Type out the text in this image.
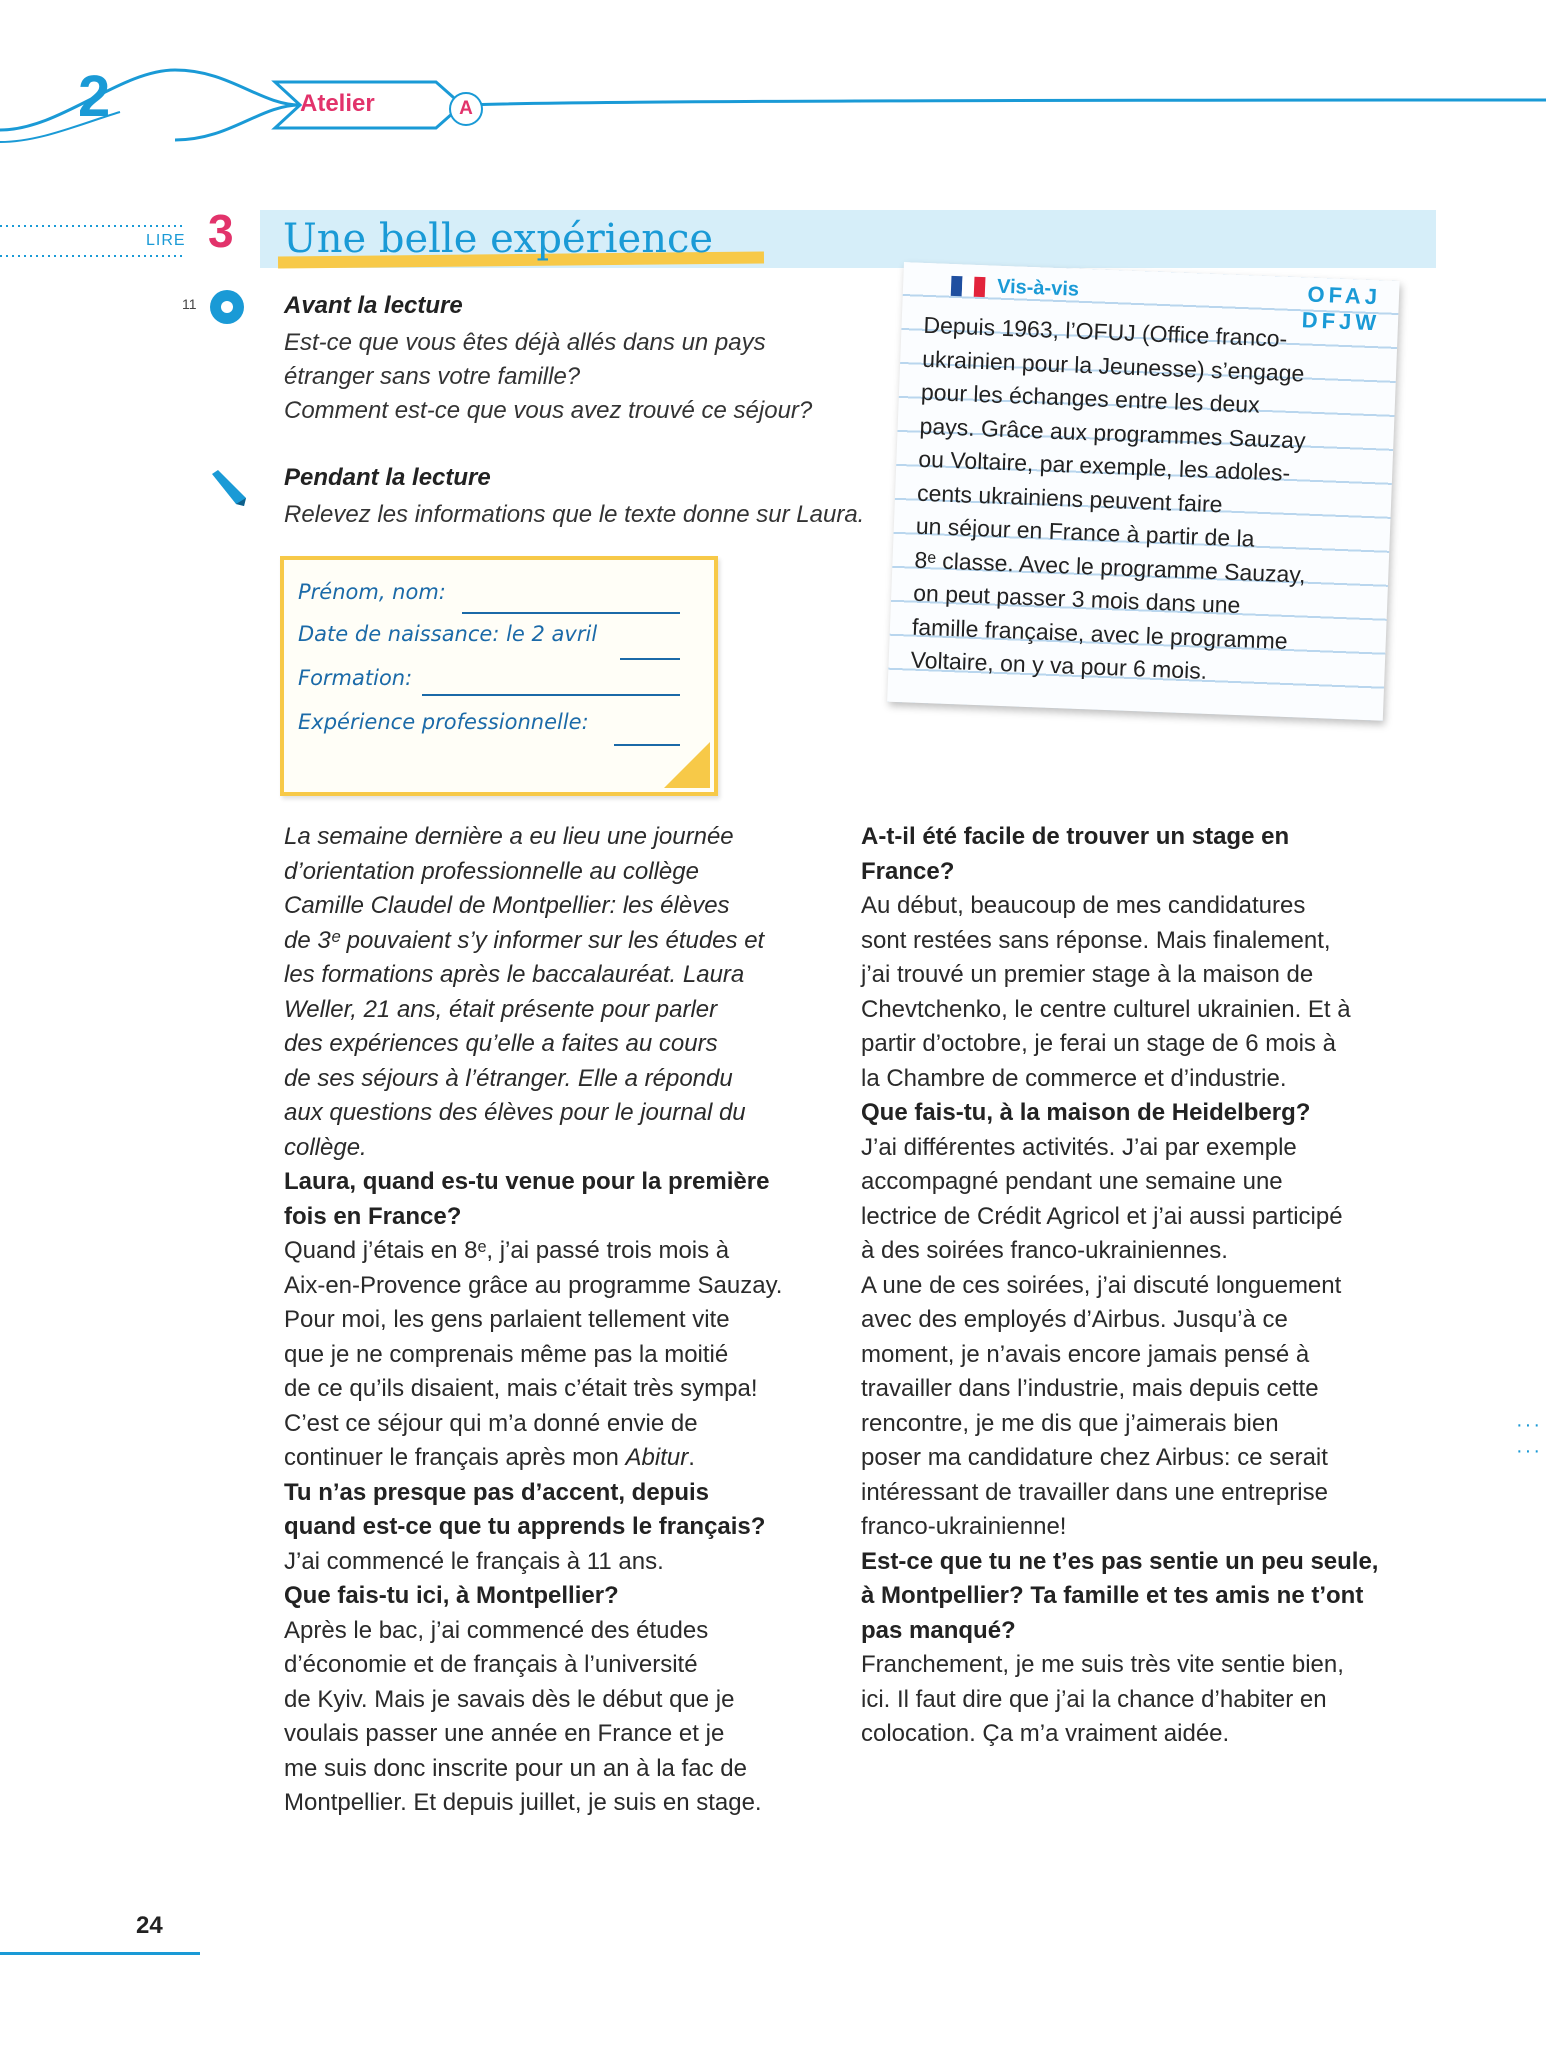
2	Atelier	A
LIRE 3 Une belle expérience
11	Avant la lecture
Est-ce que vous êtes déjà allés dans un pays
étranger sans votre famille?
Comment est-ce que vous avez trouvé ce séjour?
Pendant la lecture
Relevez les informations que le texte donne sur Laura.
Prénom, nom:
Date de naissance: le 2 avril
Formation:
Expérience professionnelle:
Vis-à-vis	OFAJ
DFJW
Depuis 1963, l’OFUJ (Office franco-
ukrainien pour la Jeunesse) s’engage
pour les échanges entre les deux
pays. Grâce aux programmes Sauzay
ou Voltaire, par exemple, les adoles-
cents ukrainiens peuvent faire
un séjour en France à partir de la
8ᵉ classe. Avec le programme Sauzay,
on peut passer 3 mois dans une
famille française, avec le programme
Voltaire, on y va pour 6 mois.

La semaine dernière a eu lieu une journée
d’orientation professionnelle au collège
Camille Claudel de Montpellier: les élèves
de 3ᵉ pouvaient s’y informer sur les études et
les formations après le baccalauréat. Laura
Weller, 21 ans, était présente pour parler
des expériences qu’elle a faites au cours
de ses séjours à l’étranger. Elle a répondu
aux questions des élèves pour le journal du
collège.

Laura, quand es-tu venue pour la première
fois en France?

Quand j’étais en 8ᵉ, j’ai passé trois mois à
Aix-en-Provence grâce au programme Sauzay.
Pour moi, les gens parlaient tellement vite
que je ne comprenais même pas la moitié
de ce qu’ils disaient, mais c’était très sympa!
C’est ce séjour qui m’a donné envie de
continuer le français après mon Abitur.

Tu n’as presque pas d’accent, depuis
quand est-ce que tu apprends le français?

J’ai commencé le français à 11 ans.

Que fais-tu ici, à Montpellier?

Après le bac, j’ai commencé des études
d’économie et de français à l’université
de Kyiv. Mais je savais dès le début que je
voulais passer une année en France et je
me suis donc inscrite pour un an à la fac de
Montpellier. Et depuis juillet, je suis en stage.

A-t-il été facile de trouver un stage en
France?

Au début, beaucoup de mes candidatures
sont restées sans réponse. Mais finalement,
j’ai trouvé un premier stage à la maison de
Chevtchenko, le centre culturel ukrainien. Et à
partir d’octobre, je ferai un stage de 6 mois à
la Chambre de commerce et d’industrie.

Que fais-tu, à la maison de Heidelberg?

J’ai différentes activités. J’ai par exemple
accompagné pendant une semaine une
lectrice de Crédit Agricol et j’ai aussi participé
à des soirées franco-ukrainiennes.
A une de ces soirées, j’ai discuté longuement
avec des employés d’Airbus. Jusqu’à ce
moment, je n’avais encore jamais pensé à
travailler dans l’industrie, mais depuis cette
rencontre, je me dis que j’aimerais bien
poser ma candidature chez Airbus: ce serait
intéressant de travailler dans une entreprise
franco-ukrainienne!

Est-ce que tu ne t’es pas sentie un peu seule,
à Montpellier? Ta famille et tes amis ne t’ont
pas manqué?

Franchement, je me suis très vite sentie bien,
ici. Il faut dire que j’ai la chance d’habiter en
colocation. Ça m’a vraiment aidée.

···
···
24
